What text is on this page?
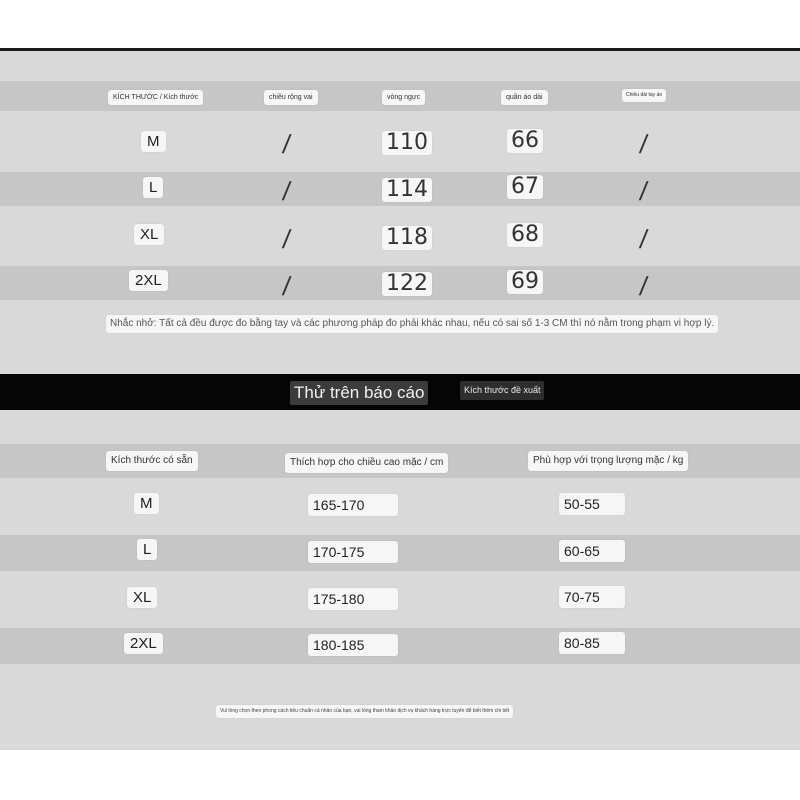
KÍCH THƯỚC / Kích thước	chiều rộng vai	vòng ngực	quần áo dài	Chiều dài tay áo
M	/	110	66	/
L	/	114	67	/
XL	/	118	68	/
2XL	/	122	69	/
Nhắc nhở: Tất cả đều được đo bằng tay và các phương pháp đo phải khác nhau, nếu có sai số 1-3 CM thì nó nằm trong phạm vi hợp lý.
Thử trên báo cáo	Kích thước đề xuất
Kích thước có sẵn	Thích hợp cho chiều cao mặc / cm	Phù hợp với trọng lượng mặc / kg
M	165-170	50-55
L	170-175	60-65
XL	175-180	70-75
2XL	180-185	80-85
Vui lòng chọn theo phong cách tiêu chuẩn cá nhân của bạn, vui lòng tham khảo dịch vụ khách hàng trực tuyến để biết thêm chi tiết
